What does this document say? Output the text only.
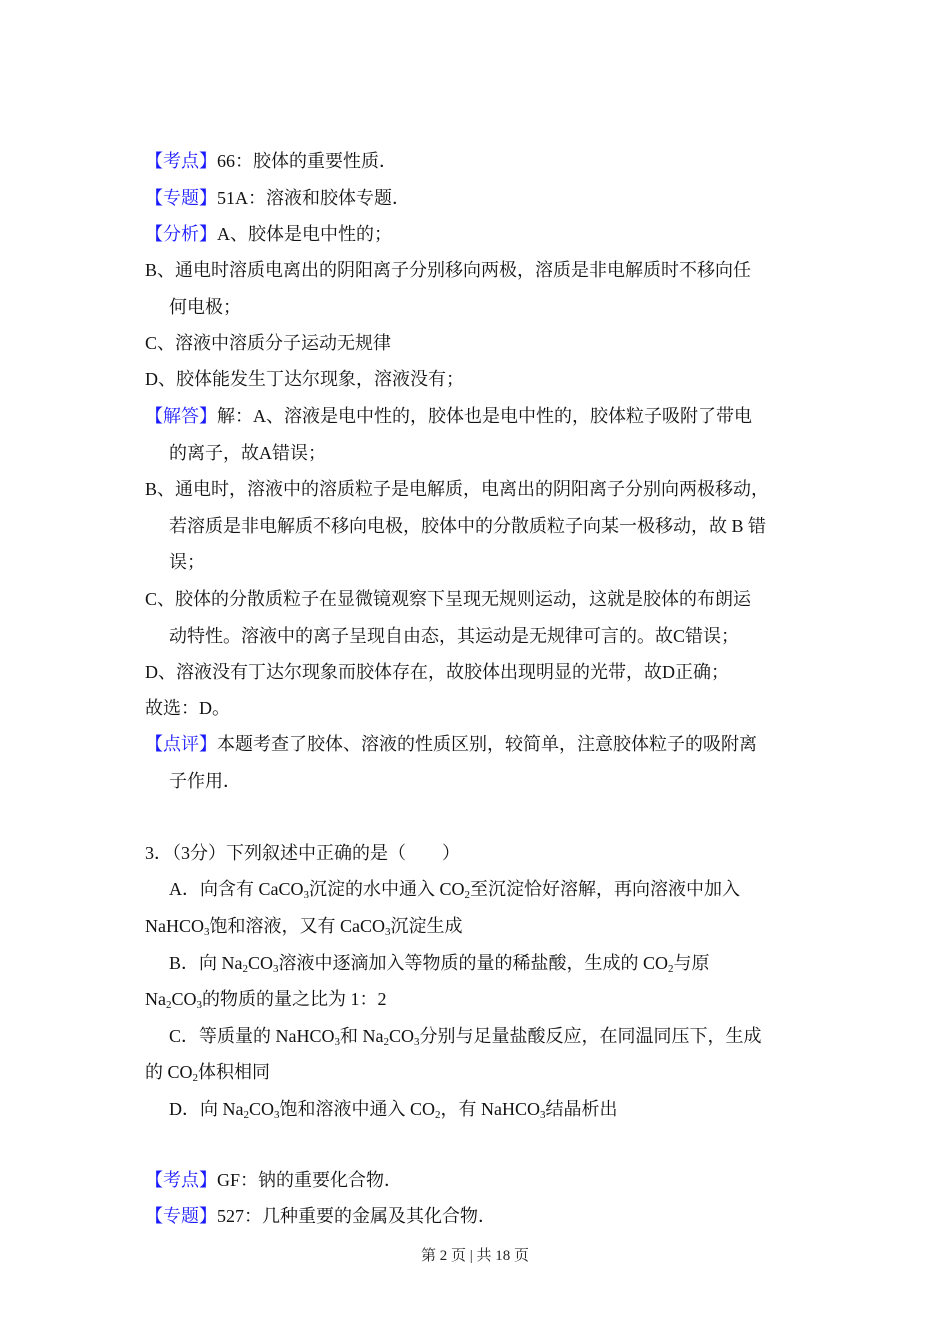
【考点】66：胶体的重要性质．
【专题】51A：溶液和胶体专题．
【分析】A、胶体是电中性的；
B、通电时溶质电离出的阴阳离子分别移向两极，溶质是非电解质时不移向任
何电极；
C、溶液中溶质分子运动无规律
D、胶体能发生丁达尔现象，溶液没有；
【解答】解：A、溶液是电中性的，胶体也是电中性的，胶体粒子吸附了带电
的离子，故A错误；
B、通电时，溶液中的溶质粒子是电解质，电离出的阴阳离子分别向两极移动，
若溶质是非电解质不移向电极，胶体中的分散质粒子向某一极移动，故 B 错
误；
C、胶体的分散质粒子在显微镜观察下呈现无规则运动，这就是胶体的布朗运
动特性。溶液中的离子呈现自由态，其运动是无规律可言的。故C错误；
D、溶液没有丁达尔现象而胶体存在，故胶体出现明显的光带，故D正确；
故选：D。
【点评】本题考查了胶体、溶液的性质区别，较简单，注意胶体粒子的吸附离
子作用．
3．（3分）下列叙述中正确的是（　　）
A．向含有 CaCO$_3$沉淀的水中通入 $CO_2$至沉淀恰好溶解，再向溶液中加入
NaHCO$_3$饱和溶液，又有 CaCO$_3$沉淀生成
B．向 $Na_2CO_3$溶液中逐滴加入等物质的量的稀盐酸，生成的 $CO_2$与原
$Na_2CO_3$的物质的量之比为 1：2
C．等质量的 NaHCO$_3$和 $Na_2CO_3$分别与足量盐酸反应，在同温同压下，生成
的 $CO_2$体积相同
D．向 $Na_2CO_3$饱和溶液中通入 $CO_2$，有 NaHCO$_3$结晶析出
【考点】GF：钠的重要化合物．
【专题】527：几种重要的金属及其化合物．
第 2 页 | 共 18 页
